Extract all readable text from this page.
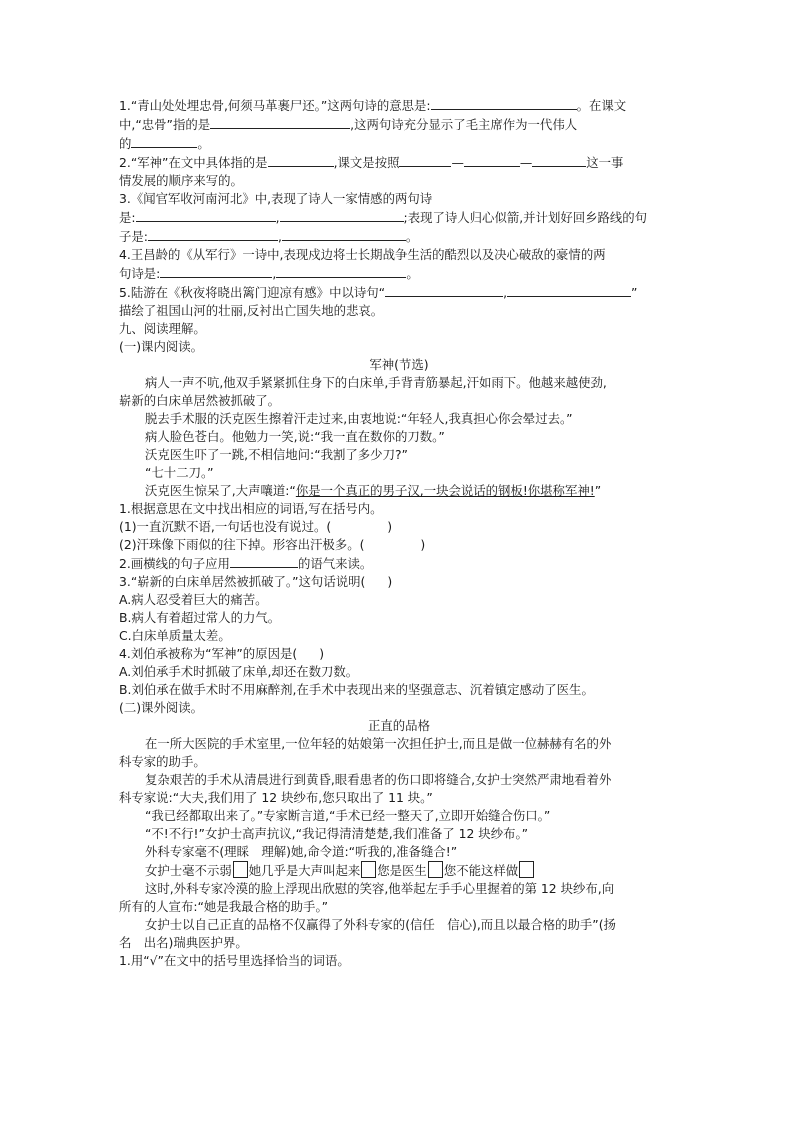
1.“青山处处埋忠骨,何须马革裹尸还。”这两句诗的意思是:	。在课文

中,“忠骨”指的是	,这两句诗充分显示了毛主席作为一代伟人

的	。

2.“军神”在文中具体指的是	,课文是按照	—	—	这一事

情发展的顺序来写的。

3.《闻官军收河南河北》中,表现了诗人一家情感的两句诗

是:	,	;表现了诗人归心似箭,并计划好回乡路线的句

子是:	,	。

4.王昌龄的《从军行》一诗中,表现戍边将士长期战争生活的酷烈以及决心破敌的豪情的两

句诗是:	,	。

5.陆游在《秋夜将晓出篱门迎凉有感》中以诗句“	,	”

描绘了祖国山河的壮丽,反衬出亡国失地的悲哀。

九、阅读理解。

(一)课内阅读。

军神(节选)

病人一声不吭,他双手紧紧抓住身下的白床单,手背青筋暴起,汗如雨下。他越来越使劲,

崭新的白床单居然被抓破了。

脱去手术服的沃克医生擦着汗走过来,由衷地说:“年轻人,我真担心你会晕过去。”

病人脸色苍白。他勉力一笑,说:“我一直在数你的刀数。”

沃克医生吓了一跳,不相信地问:“我割了多少刀?”

“七十二刀。”

沃克医生惊呆了,大声嚷道:“你是一个真正的男子汉,一块会说话的钢板!你堪称军神!”

1.根据意思在文中找出相应的词语,写在括号内。

(1)一直沉默不语,一句话也没有说过。(	)

(2)汗珠像下雨似的往下掉。形容出汗极多。(	)

2.画横线的句子应用	的语气来读。

3.“崭新的白床单居然被抓破了。”这句话说明( )

A.病人忍受着巨大的痛苦。

B.病人有着超过常人的力气。

C.白床单质量太差。

4.刘伯承被称为“军神”的原因是( )

A.刘伯承手术时抓破了床单,却还在数刀数。

B.刘伯承在做手术时不用麻醉剂,在手术中表现出来的坚强意志、沉着镇定感动了医生。

(二)课外阅读。

正直的品格

在一所大医院的手术室里,一位年轻的姑娘第一次担任护士,而且是做一位赫赫有名的外

科专家的助手。

复杂艰苦的手术从清晨进行到黄昏,眼看患者的伤口即将缝合,女护士突然严肃地看着外

科专家说:“大夫,我们用了 12 块纱布,您只取出了 11 块。”

“我已经都取出来了。”专家断言道,“手术已经一整天了,立即开始缝合伤口。”

“不!不行!”女护士高声抗议,“我记得清清楚楚,我们准备了 12 块纱布。”

外科专家毫不(理睬　理解)她,命令道:“听我的,准备缝合!”

女护士毫不示弱 她几乎是大声叫起来 您是医生 您不能这样做

这时,外科专家冷漠的脸上浮现出欣慰的笑容,他举起左手手心里握着的第 12 块纱布,向

所有的人宣布:“她是我最合格的助手。”

女护士以自己正直的品格不仅赢得了外科专家的(信任　信心),而且以最合格的助手”(扬

名　出名)瑞典医护界。

1.用“√”在文中的括号里选择恰当的词语。
